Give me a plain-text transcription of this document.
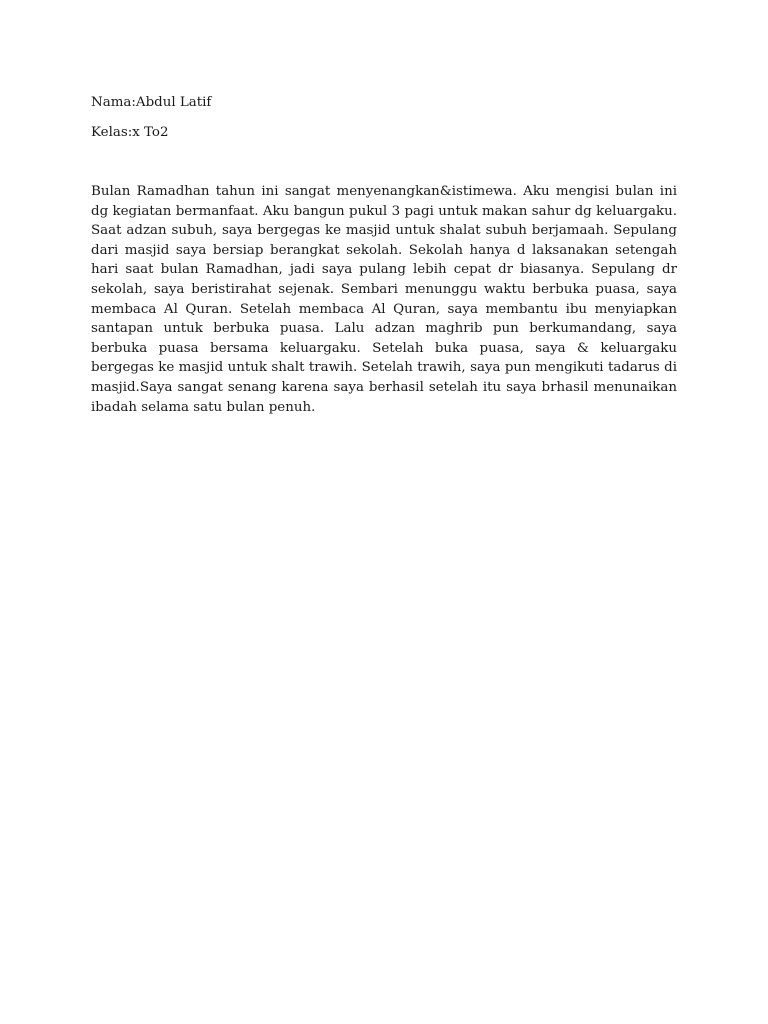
Nama:Abdul Latif
Kelas:x To2

Bulan Ramadhan tahun ini sangat menyenangkan&istimewa. Aku mengisi bulan ini dg kegiatan bermanfaat. Aku bangun pukul 3 pagi untuk makan sahur dg keluargaku. Saat adzan subuh, saya bergegas ke masjid untuk shalat subuh berjamaah. Sepulang dari masjid saya bersiap berangkat sekolah. Sekolah hanya d laksanakan setengah hari saat bulan Ramadhan, jadi saya pulang lebih cepat dr biasanya. Sepulang dr sekolah, saya beristirahat sejenak. Sembari menunggu waktu berbuka puasa, saya membaca Al Quran. Setelah membaca Al Quran, saya membantu ibu menyiapkan santapan untuk berbuka puasa. Lalu adzan maghrib pun berkumandang, saya berbuka puasa bersama keluargaku. Setelah buka puasa, saya & keluargaku bergegas ke masjid untuk shalt trawih. Setelah trawih, saya pun mengikuti tadarus di masjid.Saya sangat senang karena saya berhasil setelah itu saya brhasil menunaikan ibadah selama satu bulan penuh.
